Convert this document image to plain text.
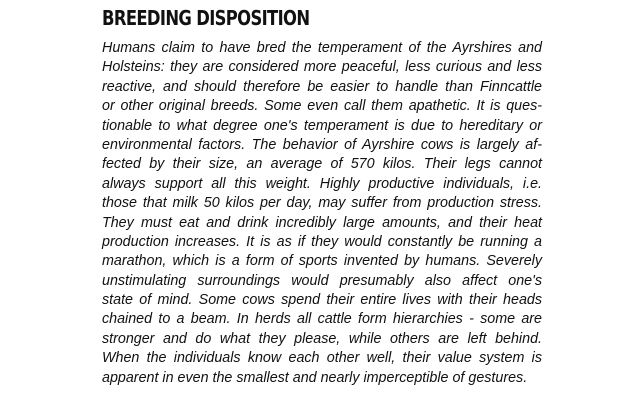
BREEDING DISPOSITION

Humans claim to have bred the temperament of the Ayrshires and
Holsteins: they are considered more peaceful, less curious and less
reactive, and should therefore be easier to handle than Finncattle
or other original breeds. Some even call them apathetic. It is ques-
tionable to what degree one's temperament is due to hereditary or
environmental factors. The behavior of Ayrshire cows is largely af-
fected by their size, an average of 570 kilos. Their legs cannot
always support all this weight. Highly productive individuals, i.e.
those that milk 50 kilos per day, may suffer from production stress.
They must eat and drink incredibly large amounts, and their heat
production increases. It is as if they would constantly be running a
marathon, which is a form of sports invented by humans. Severely
unstimulating surroundings would presumably also affect one's
state of mind. Some cows spend their entire lives with their heads
chained to a beam. In herds all cattle form hierarchies - some are
stronger and do what they please, while others are left behind.
When the individuals know each other well, their value system is
apparent in even the smallest and nearly imperceptible of gestures.
